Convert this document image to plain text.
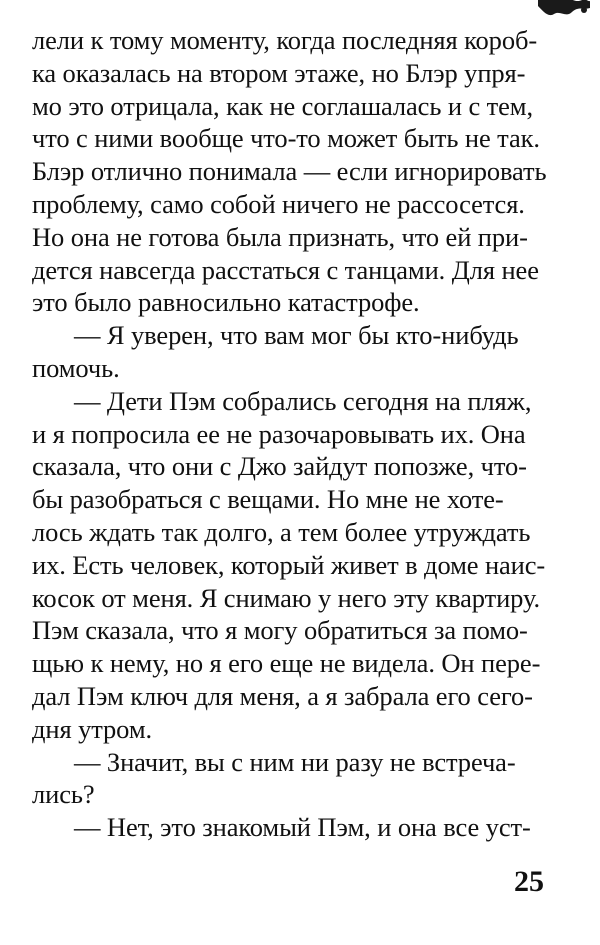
лели к тому моменту, когда последняя короб-
ка оказалась на втором этаже, но Блэр упря-
мо это отрицала, как не соглашалась и с тем,
что с ними вообще что-то может быть не так.
Блэр отлично понимала — если игнорировать
проблему, само собой ничего не рассосется.
Но она не готова была признать, что ей при-
дется навсегда расстаться с танцами. Для нее
это было равносильно катастрофе.
— Я уверен, что вам мог бы кто-нибудь
помочь.
— Дети Пэм собрались сегодня на пляж,
и я попросила ее не разочаровывать их. Она
сказала, что они с Джо зайдут попозже, что-
бы разобраться с вещами. Но мне не хоте-
лось ждать так долго, а тем более утруждать
их. Есть человек, который живет в доме наис-
косок от меня. Я снимаю у него эту квартиру.
Пэм сказала, что я могу обратиться за помо-
щью к нему, но я его еще не видела. Он пере-
дал Пэм ключ для меня, а я забрала его сего-
дня утром.
— Значит, вы с ним ни разу не встреча-
лись?
— Нет, это знакомый Пэм, и она все уст-
25
